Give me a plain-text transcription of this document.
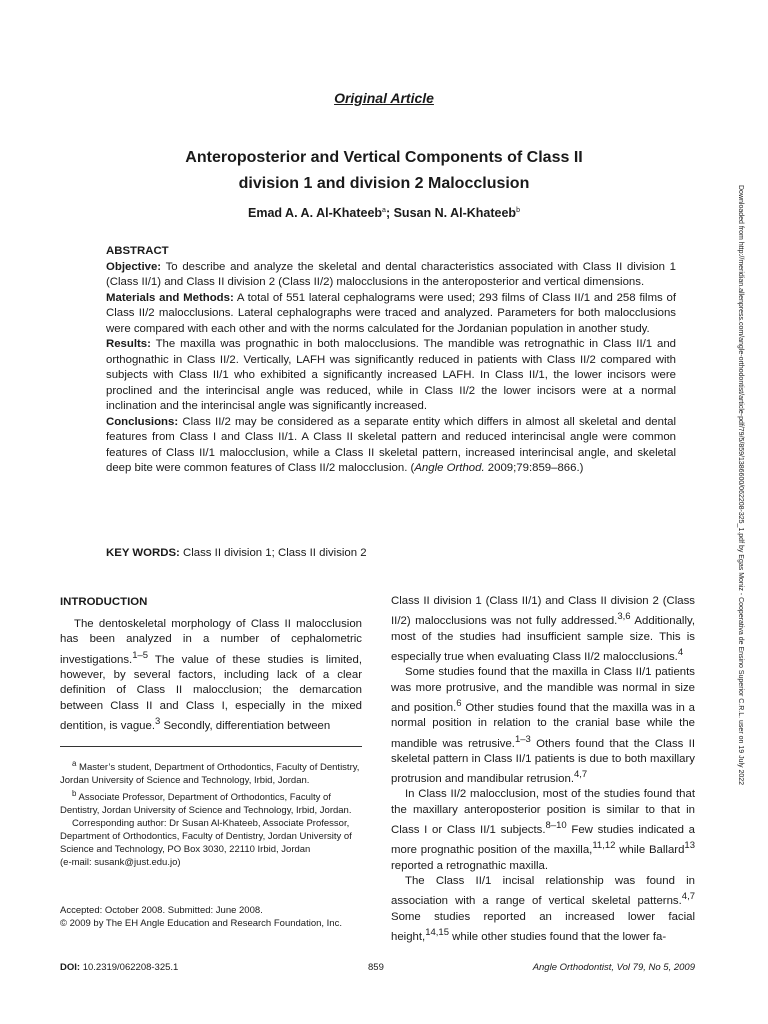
Original Article
Anteroposterior and Vertical Components of Class II
division 1 and division 2 Malocclusion
Emad A. A. Al-Khateeb$^a$; Susan N. Al-Khateeb$^b$

ABSTRACT

Objective: To describe and analyze the skeletal and dental characteristics associated with Class II division 1 (Class II/1) and Class II division 2 (Class II/2) malocclusions in the anteroposterior and vertical dimensions.

Materials and Methods: A total of 551 lateral cephalograms were used; 293 films of Class II/1 and 258 films of Class II/2 malocclusions. Lateral cephalographs were traced and analyzed. Parameters for both malocclusions were compared with each other and with the norms calculated for the Jordanian population in another study.

Results: The maxilla was prognathic in both malocclusions. The mandible was retrognathic in Class II/1 and orthognathic in Class II/2. Vertically, LAFH was significantly reduced in patients with Class II/2 compared with subjects with Class II/1 who exhibited a significantly increased LAFH. In Class II/1, the lower incisors were proclined and the interincisal angle was reduced, while in Class II/2 the lower incisors were at a normal inclination and the interincisal angle was significantly increased.

Conclusions: Class II/2 may be considered as a separate entity which differs in almost all skeletal and dental features from Class I and Class II/1. A Class II skeletal pattern and reduced interincisal angle were common features of Class II/1 malocclusion, while a Class II skeletal pattern, increased interincisal angle, and skeletal deep bite were common features of Class II/2 malocclusion. (Angle Orthod. 2009;79:859–866.)

KEY WORDS: Class II division 1; Class II division 2
INTRODUCTION

The dentoskeletal morphology of Class II malocclusion has been analyzed in a number of cephalometric investigations.$^{1-5}$ The value of these studies is limited, however, by several factors, including lack of a clear definition of Class II malocclusion; the demarcation between Class II and Class I, especially in the mixed dentition, is vague.$^3$ Secondly, differentiation between

$^a$ Master’s student, Department of Orthodontics, Faculty of Dentistry, Jordan University of Science and Technology, Irbid, Jordan.

$^b$ Associate Professor, Department of Orthodontics, Faculty of Dentistry, Jordan University of Science and Technology, Irbid, Jordan.

Corresponding author: Dr Susan Al-Khateeb, Associate Professor, Department of Orthodontics, Faculty of Dentistry, Jordan University of Science and Technology, PO Box 3030, 22110 Irbid, Jordan

(e-mail: susank@just.edu.jo)

Accepted: October 2008. Submitted: June 2008.

© 2009 by The EH Angle Education and Research Foundation, Inc.

Class II division 1 (Class II/1) and Class II division 2 (Class II/2) malocclusions was not fully addressed.$^{3,6}$ Additionally, most of the studies had insufficient sample size. This is especially true when evaluating Class II/2 malocclusions.$^4$

Some studies found that the maxilla in Class II/1 patients was more protrusive, and the mandible was normal in size and position.$^6$ Other studies found that the maxilla was in a normal position in relation to the cranial base while the mandible was retrusive.$^{1-3}$ Others found that the Class II skeletal pattern in Class II/1 patients is due to both maxillary protrusion and mandibular retrusion.$^{4,7}$

In Class II/2 malocclusion, most of the studies found that the maxillary anteroposterior position is similar to that in Class I or Class II/1 subjects.$^{8-10}$ Few studies indicated a more prognathic position of the maxilla,$^{11,12}$ while Ballard$^{13}$ reported a retrognathic maxilla.

The Class II/1 incisal relationship was found in association with a range of vertical skeletal patterns.$^{4,7}$ Some studies reported an increased lower facial height,$^{14,15}$ while other studies found that the lower fa-

DOI: 10.2319/062208-325.1	859	Angle Orthodontist, Vol 79, No 5, 2009
Downloaded from http://meridian.allenpress.com/angle-orthodontist/article-pdf/79/5/859/1386600/062208-325_1.pdf by Egas Moniz - Cooperativa de Ensino Superior C.R.L. user on 19 July 2022
